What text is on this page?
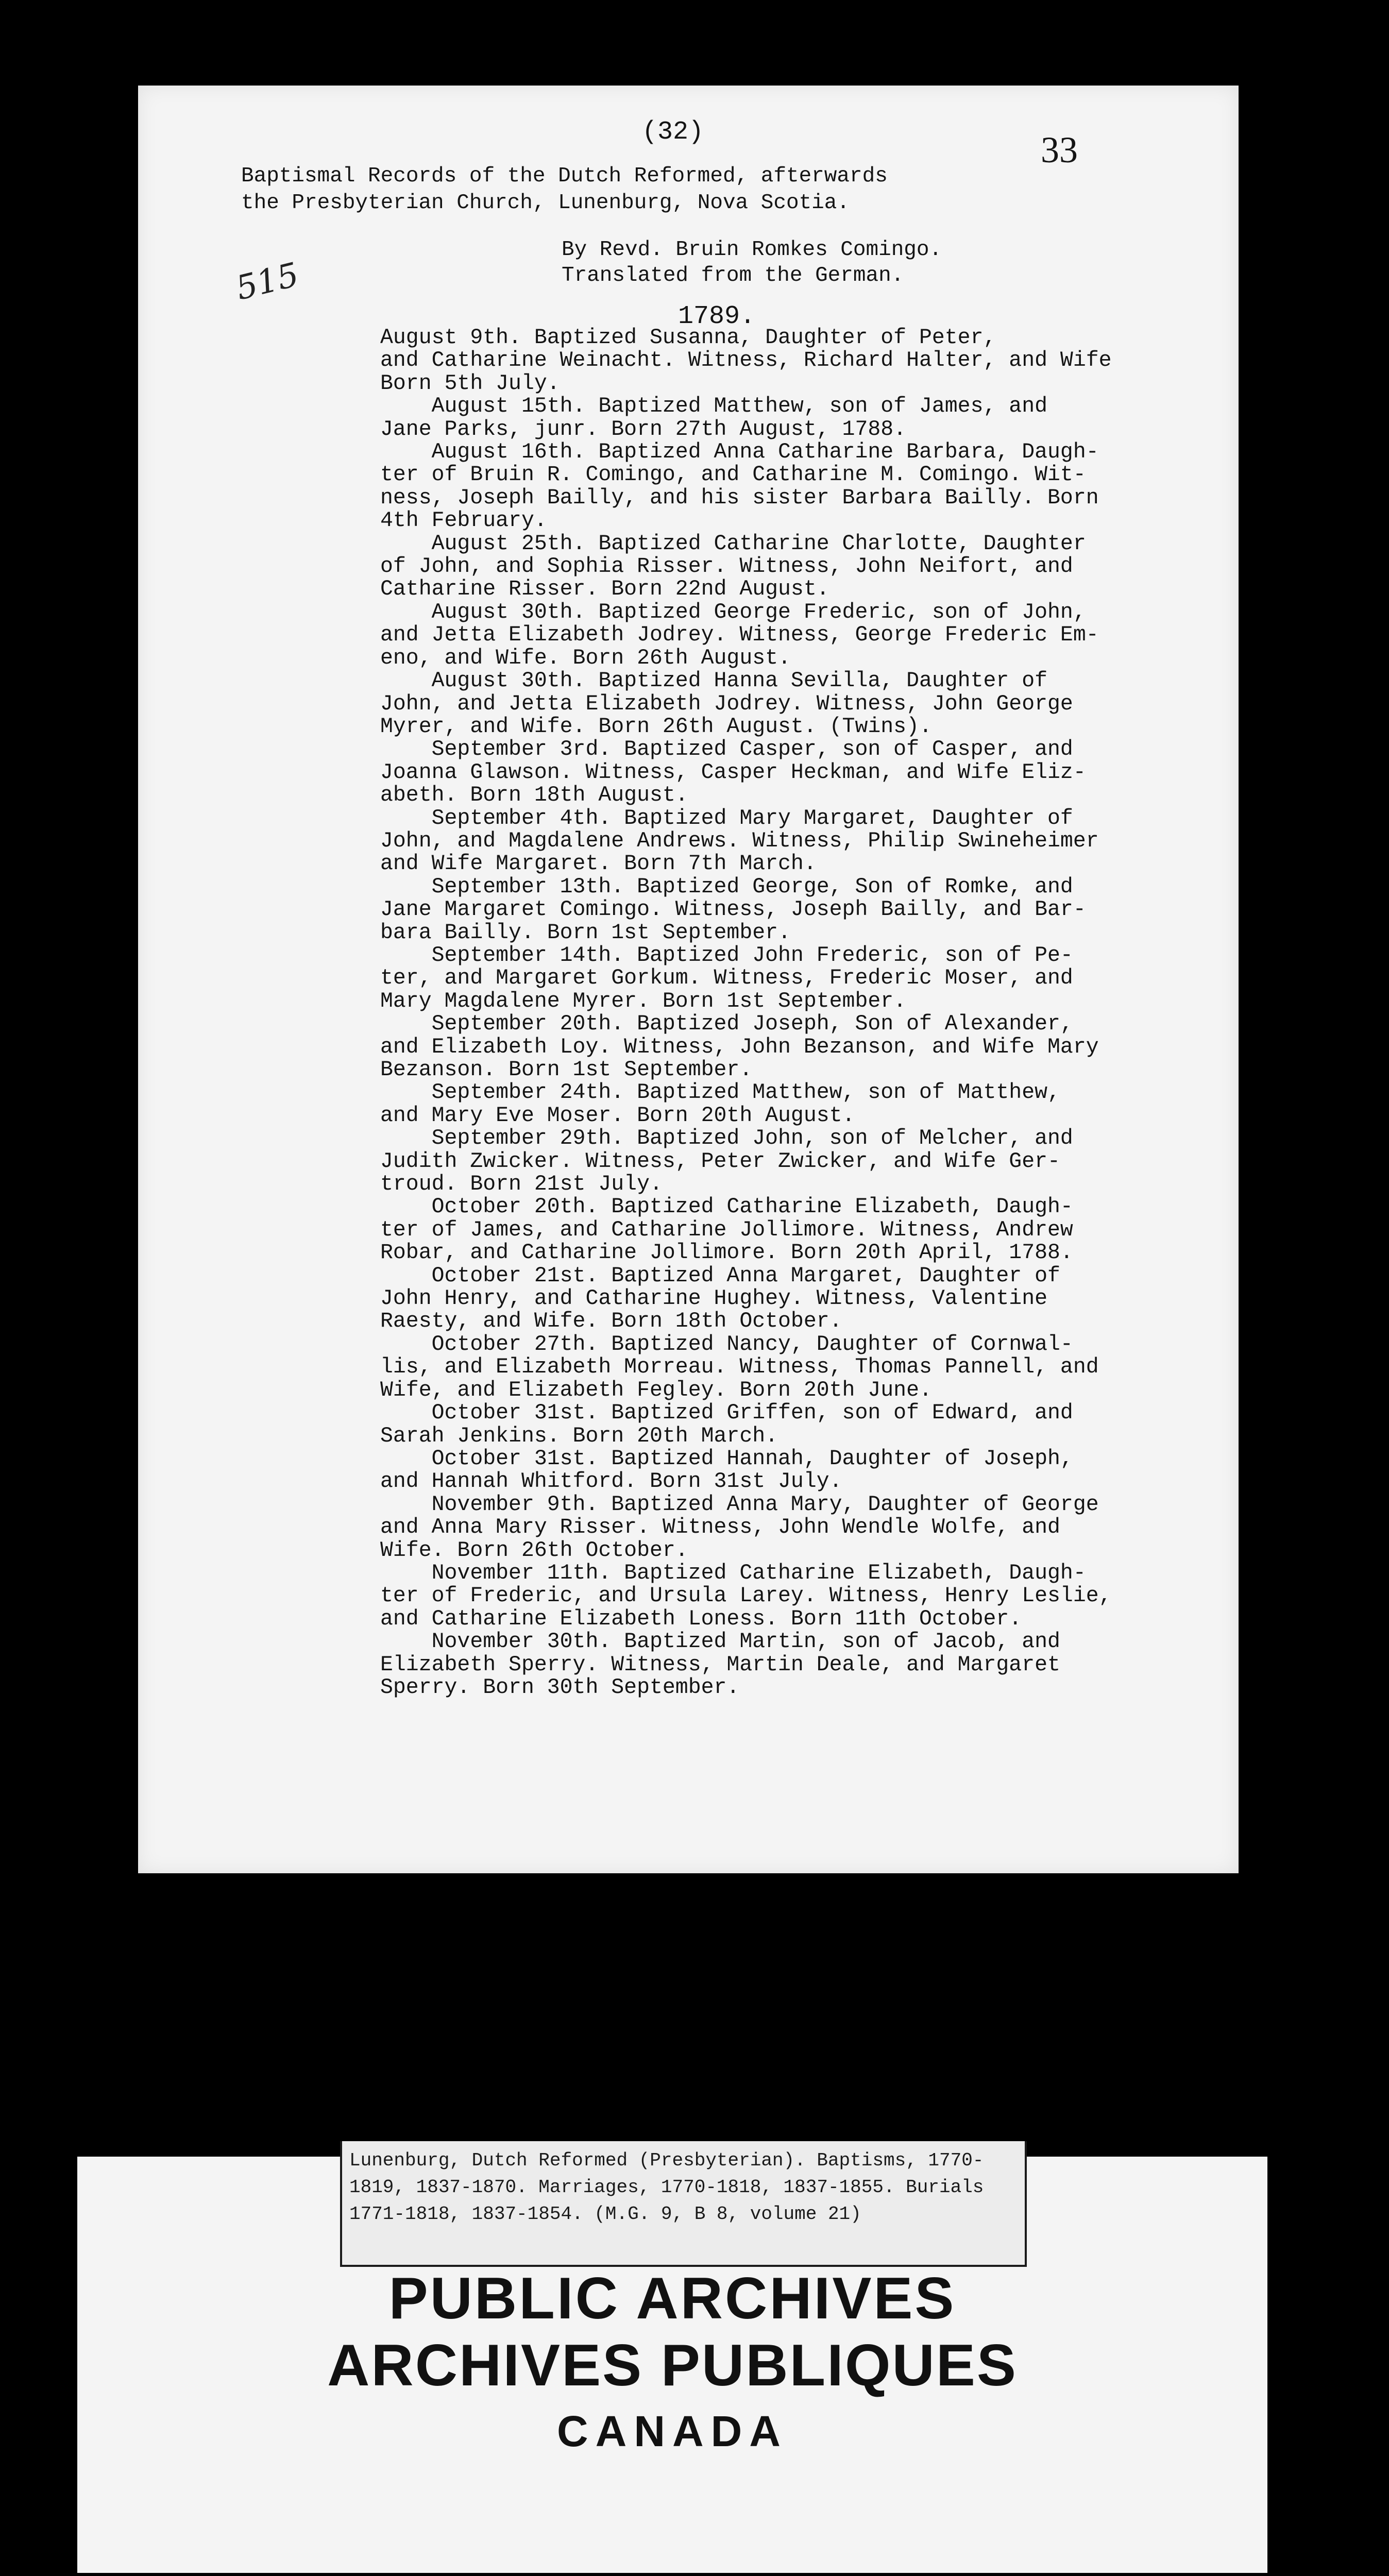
(32)	33

Baptismal Records of the Dutch Reformed, afterwards
the Presbyterian Church, Lunenburg, Nova Scotia.

By Revd. Bruin Romkes Comingo.
Translated from the German.

515

1789.

August 9th. Baptized Susanna, Daughter of Peter,
and Catharine Weinacht. Witness, Richard Halter, and Wife
Born 5th July.
August 15th. Baptized Matthew, son of James, and
Jane Parks, junr. Born 27th August, 1788.
August 16th. Baptized Anna Catharine Barbara, Daugh-
ter of Bruin R. Comingo, and Catharine M. Comingo. Wit-
ness, Joseph Bailly, and his sister Barbara Bailly. Born
4th February.
August 25th. Baptized Catharine Charlotte, Daughter
of John, and Sophia Risser. Witness, John Neifort, and
Catharine Risser. Born 22nd August.
August 30th. Baptized George Frederic, son of John,
and Jetta Elizabeth Jodrey. Witness, George Frederic Em-
eno, and Wife. Born 26th August.
August 30th. Baptized Hanna Sevilla, Daughter of
John, and Jetta Elizabeth Jodrey. Witness, John George
Myrer, and Wife. Born 26th August. (Twins).
September 3rd. Baptized Casper, son of Casper, and
Joanna Glawson. Witness, Casper Heckman, and Wife Eliz-
abeth. Born 18th August.
September 4th. Baptized Mary Margaret, Daughter of
John, and Magdalene Andrews. Witness, Philip Swineheimer
and Wife Margaret. Born 7th March.
September 13th. Baptized George, Son of Romke, and
Jane Margaret Comingo. Witness, Joseph Bailly, and Bar-
bara Bailly. Born 1st September.
September 14th. Baptized John Frederic, son of Pe-
ter, and Margaret Gorkum. Witness, Frederic Moser, and
Mary Magdalene Myrer. Born 1st September.
September 20th. Baptized Joseph, Son of Alexander,
and Elizabeth Loy. Witness, John Bezanson, and Wife Mary
Bezanson. Born 1st September.
September 24th. Baptized Matthew, son of Matthew,
and Mary Eve Moser. Born 20th August.
September 29th. Baptized John, son of Melcher, and
Judith Zwicker. Witness, Peter Zwicker, and Wife Ger-
troud. Born 21st July.
October 20th. Baptized Catharine Elizabeth, Daugh-
ter of James, and Catharine Jollimore. Witness, Andrew
Robar, and Catharine Jollimore. Born 20th April, 1788.
October 21st. Baptized Anna Margaret, Daughter of
John Henry, and Catharine Hughey. Witness, Valentine
Raesty, and Wife. Born 18th October.
October 27th. Baptized Nancy, Daughter of Cornwal-
lis, and Elizabeth Morreau. Witness, Thomas Pannell, and
Wife, and Elizabeth Fegley. Born 20th June.
October 31st. Baptized Griffen, son of Edward, and
Sarah Jenkins. Born 20th March.
October 31st. Baptized Hannah, Daughter of Joseph,
and Hannah Whitford. Born 31st July.
November 9th. Baptized Anna Mary, Daughter of George
and Anna Mary Risser. Witness, John Wendle Wolfe, and
Wife. Born 26th October.
November 11th. Baptized Catharine Elizabeth, Daugh-
ter of Frederic, and Ursula Larey. Witness, Henry Leslie,
and Catharine Elizabeth Loness. Born 11th October.
November 30th. Baptized Martin, son of Jacob, and
Elizabeth Sperry. Witness, Martin Deale, and Margaret
Sperry. Born 30th September.

Lunenburg, Dutch Reformed (Presbyterian). Baptisms, 1770-
1819, 1837-1870. Marriages, 1770-1818, 1837-1855. Burials
1771-1818, 1837-1854. (M.G. 9, B 8, volume 21)

PUBLIC ARCHIVES

ARCHIVES PUBLIQUES

CANADA
